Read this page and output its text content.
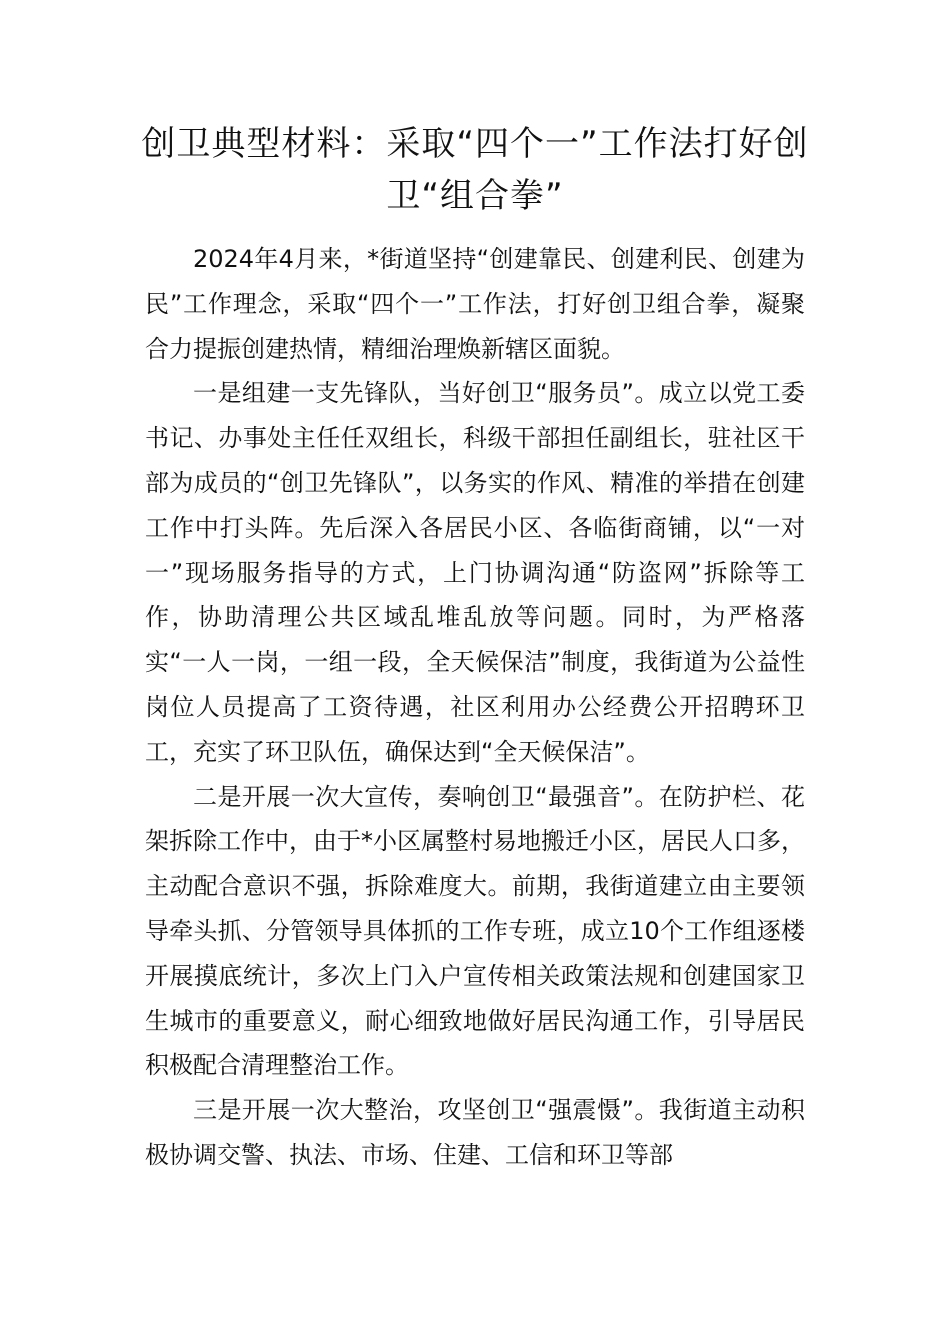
创卫典型材料：采取“四个一”工作法打好创卫“组合拳”

2024年4月来，*街道坚持“创建靠民、创建利民、创建为民”工作理念，采取“四个一”工作法，打好创卫组合拳，凝聚合力提振创建热情，精细治理焕新辖区面貌。

一是组建一支先锋队，当好创卫“服务员”。成立以党工委书记、办事处主任任双组长，科级干部担任副组长，驻社区干部为成员的“创卫先锋队”，以务实的作风、精准的举措在创建工作中打头阵。先后深入各居民小区、各临街商铺，以“一对一”现场服务指导的方式，上门协调沟通“防盗网”拆除等工作，协助清理公共区域乱堆乱放等问题。同时，为严格落实“一人一岗，一组一段，全天候保洁”制度，我街道为公益性岗位人员提高了工资待遇，社区利用办公经费公开招聘环卫工，充实了环卫队伍，确保达到“全天候保洁”。

二是开展一次大宣传，奏响创卫“最强音”。在防护栏、花架拆除工作中，由于*小区属整村易地搬迁小区，居民人口多，主动配合意识不强，拆除难度大。前期，我街道建立由主要领导牵头抓、分管领导具体抓的工作专班，成立10个工作组逐楼开展摸底统计，多次上门入户宣传相关政策法规和创建国家卫生城市的重要意义，耐心细致地做好居民沟通工作，引导居民积极配合清理整治工作。

三是开展一次大整治，攻坚创卫“强震慑”。我街道主动积极协调交警、执法、市场、住建、工信和环卫等部
